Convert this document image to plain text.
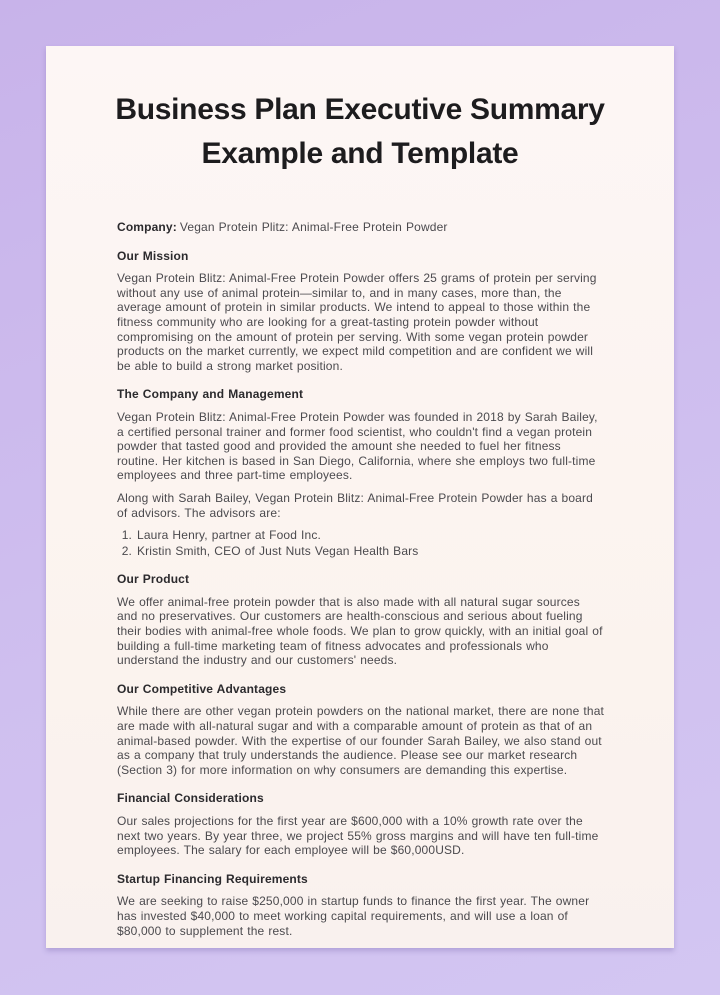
Business Plan Executive Summary Example and Template

Company: Vegan Protein Plitz: Animal-Free Protein Powder

Our Mission

Vegan Protein Blitz: Animal-Free Protein Powder offers 25 grams of protein per serving without any use of animal protein—similar to, and in many cases, more than, the average amount of protein in similar products. We intend to appeal to those within the fitness community who are looking for a great-tasting protein powder without compromising on the amount of protein per serving. With some vegan protein powder products on the market currently, we expect mild competition and are confident we will be able to build a strong market position.

The Company and Management

Vegan Protein Blitz: Animal-Free Protein Powder was founded in 2018 by Sarah Bailey, a certified personal trainer and former food scientist, who couldn't find a vegan protein powder that tasted good and provided the amount she needed to fuel her fitness routine. Her kitchen is based in San Diego, California, where she employs two full-time employees and three part-time employees.

Along with Sarah Bailey, Vegan Protein Blitz: Animal-Free Protein Powder has a board of advisors. The advisors are:

1. Laura Henry, partner at Food Inc.
2. Kristin Smith, CEO of Just Nuts Vegan Health Bars
Our Product

We offer animal-free protein powder that is also made with all natural sugar sources and no preservatives. Our customers are health-conscious and serious about fueling their bodies with animal-free whole foods. We plan to grow quickly, with an initial goal of building a full-time marketing team of fitness advocates and professionals who understand the industry and our customers' needs.

Our Competitive Advantages

While there are other vegan protein powders on the national market, there are none that are made with all-natural sugar and with a comparable amount of protein as that of an animal-based powder. With the expertise of our founder Sarah Bailey, we also stand out as a company that truly understands the audience. Please see our market research (Section 3) for more information on why consumers are demanding this expertise.

Financial Considerations

Our sales projections for the first year are $600,000 with a 10% growth rate over the next two years. By year three, we project 55% gross margins and will have ten full-time employees. The salary for each employee will be $60,000USD.

Startup Financing Requirements

We are seeking to raise $250,000 in startup funds to finance the first year. The owner has invested $40,000 to meet working capital requirements, and will use a loan of $80,000 to supplement the rest.
